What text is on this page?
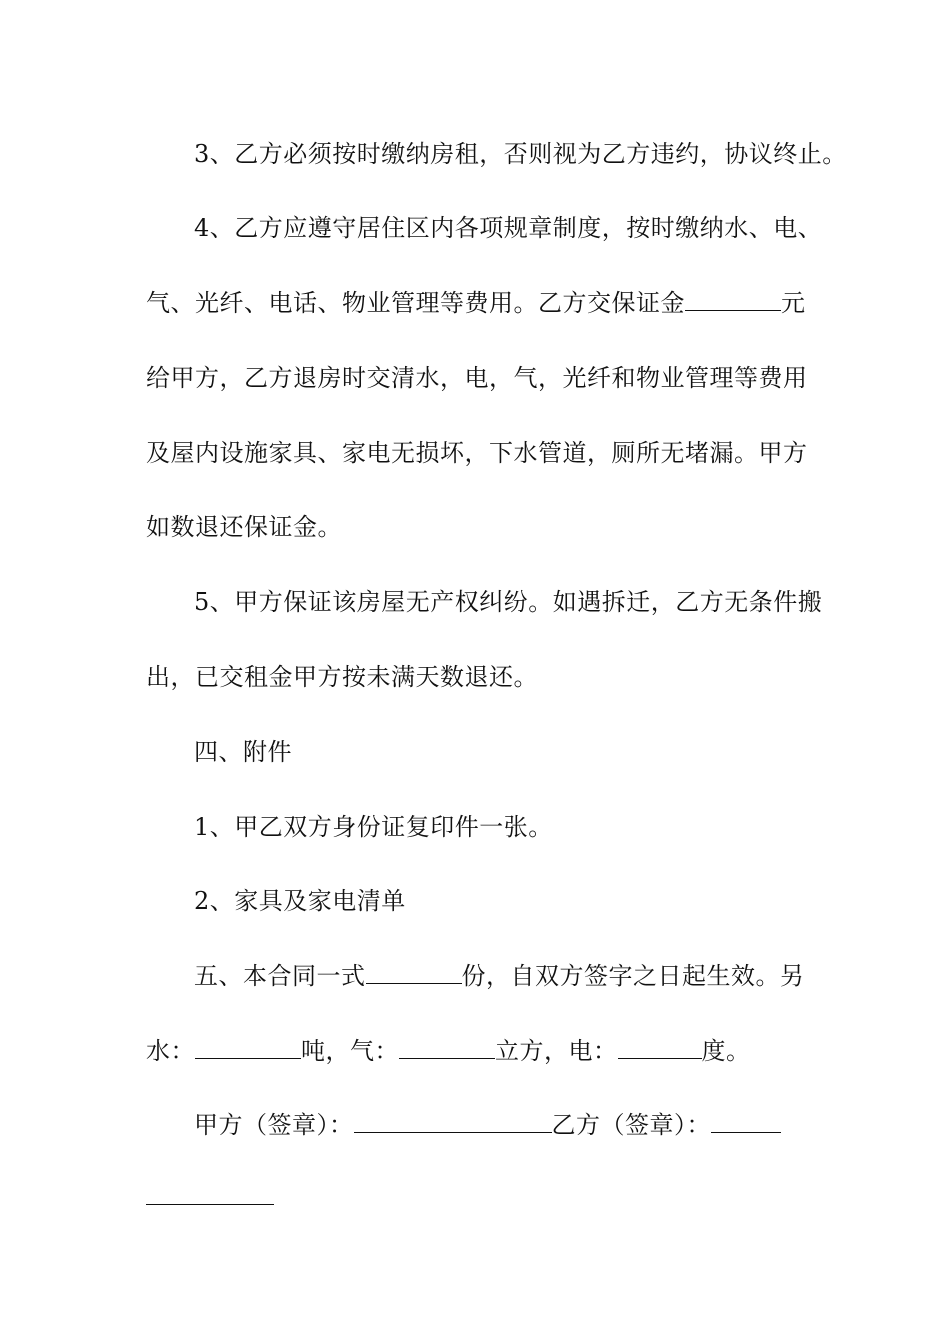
3、乙方必须按时缴纳房租，否则视为乙方违约，协议终止。
4、乙方应遵守居住区内各项规章制度，按时缴纳水、电、
气、光纤、电话、物业管理等费用。乙方交保证金	元
给甲方，乙方退房时交清水，电，气，光纤和物业管理等费用
及屋内设施家具、家电无损坏，下水管道，厕所无堵漏。甲方
如数退还保证金。
5、甲方保证该房屋无产权纠纷。如遇拆迁，乙方无条件搬
出，已交租金甲方按未满天数退还。
四、附件
1、甲乙双方身份证复印件一张。
2、家具及家电清单
五、本合同一式	份，自双方签字之日起生效。另
水：	吨，气：	立方，电：	度。
甲方（签章）：	乙方（签章）：
